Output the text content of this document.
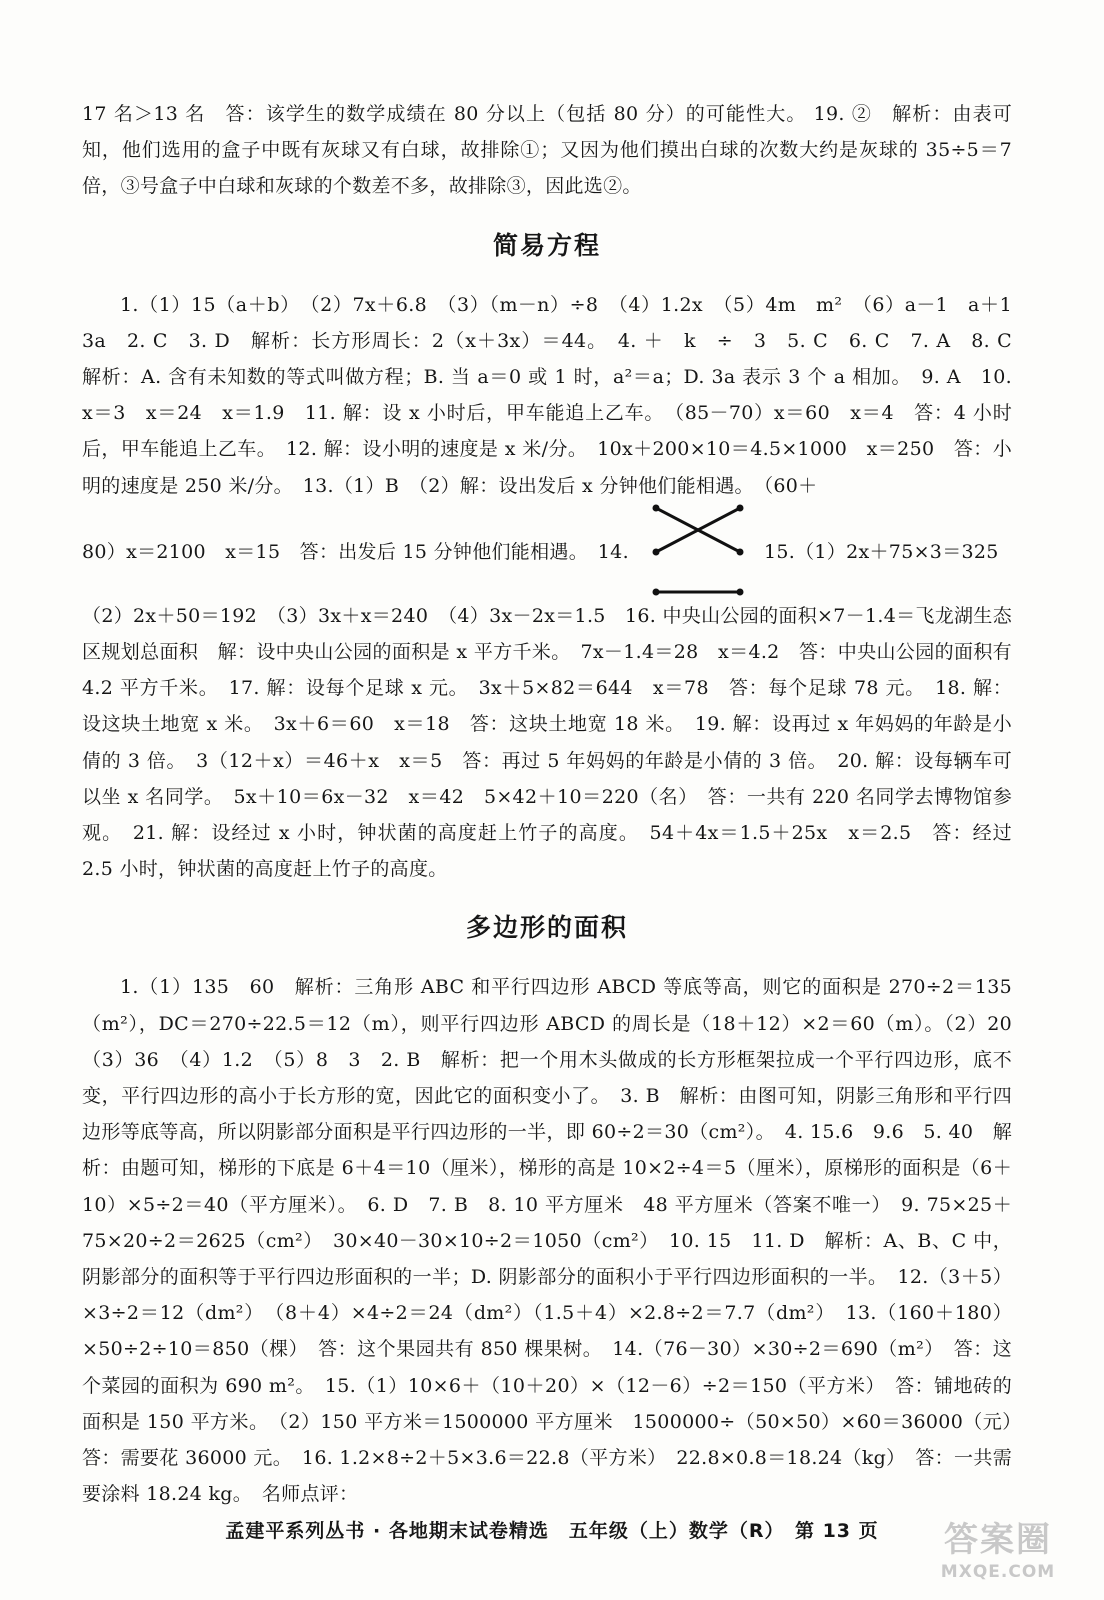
17 名＞13 名　答：该学生的数学成绩在 80 分以上（包括 80 分）的可能性大。 19. ②　解析：由表可知，他们选用的盒子中既有灰球又有白球，故排除①；又因为他们摸出白球的次数大约是灰球的 35÷5＝7 倍，③号盒子中白球和灰球的个数差不多，故排除③，因此选②。

简易方程

1.（1）15（a＋b）　（2）7x＋6.8　（3）（m－n）÷8　（4）1.2x　（5）4m　m²　（6）a－1　a＋1　3a　2. C　3. D　解析：长方形周长：2（x＋3x）＝44。　4. ＋　k　÷　3　5. C　6. C　7. A　8. C　解析：A. 含有未知数的等式叫做方程；B. 当 a＝0 或 1 时，a²＝a；D. 3a 表示 3 个 a 相加。　9. A　10. x＝3　x＝24　x＝1.9　11. 解：设 x 小时后，甲车能追上乙车。　（85－70）x＝60　x＝4　答：4 小时后，甲车能追上乙车。　12. 解：设小明的速度是 x 米/分。　10x＋200×10＝4.5×1000　x＝250　答：小明的速度是 250 米/分。　13.（1）B　（2）解：设出发后 x 分钟他们能相遇。　（60＋

80）x＝2100　x＝15　答：出发后 15 分钟他们能相遇。　14.	15.（1）2x＋75×3＝325

（2）2x＋50＝192　（3）3x＋x＝240　（4）3x－2x＝1.5　16. 中央山公园的面积×7－1.4＝飞龙湖生态区规划总面积　解：设中央山公园的面积是 x 平方千米。　7x－1.4＝28　x＝4.2　答：中央山公园的面积有 4.2 平方千米。　17. 解：设每个足球 x 元。　3x＋5×82＝644　x＝78　答：每个足球 78 元。　18. 解：设这块土地宽 x 米。　3x＋6＝60　x＝18　答：这块土地宽 18 米。　19. 解：设再过 x 年妈妈的年龄是小倩的 3 倍。　3（12＋x）＝46＋x　x＝5　答：再过 5 年妈妈的年龄是小倩的 3 倍。　20. 解：设每辆车可以坐 x 名同学。　5x＋10＝6x－32　x＝42　5×42＋10＝220（名）　答：一共有 220 名同学去博物馆参观。　21. 解：设经过 x 小时，钟状菌的高度赶上竹子的高度。　54＋4x＝1.5＋25x　x＝2.5　答：经过 2.5 小时，钟状菌的高度赶上竹子的高度。

多边形的面积

1.（1）135　60　解析：三角形 ABC 和平行四边形 ABCD 等底等高，则它的面积是 270÷2＝135（m²），DC＝270÷22.5＝12（m），则平行四边形 ABCD 的周长是（18＋12）×2＝60（m）。（2）20　（3）36　（4）1.2　（5）8　3　2. B　解析：把一个用木头做成的长方形框架拉成一个平行四边形，底不变，平行四边形的高小于长方形的宽，因此它的面积变小了。　3. B　解析：由图可知，阴影三角形和平行四边形等底等高，所以阴影部分面积是平行四边形的一半，即 60÷2＝30（cm²）。　4. 15.6　9.6　5. 40　解析：由题可知，梯形的下底是 6＋4＝10（厘米），梯形的高是 10×2÷4＝5（厘米），原梯形的面积是（6＋10）×5÷2＝40（平方厘米）。　6. D　7. B　8. 10 平方厘米　48 平方厘米（答案不唯一）　9. 75×25＋75×20÷2＝2625（cm²）　30×40－30×10÷2＝1050（cm²）　10. 15　11. D　解析：A、B、C 中，阴影部分的面积等于平行四边形面积的一半；D. 阴影部分的面积小于平行四边形面积的一半。　12.（3＋5）×3÷2＝12（dm²）　（8＋4）×4÷2＝24（dm²）（1.5＋4）×2.8÷2＝7.7（dm²）　13.（160＋180）×50÷2÷10＝850（棵）　答：这个果园共有 850 棵果树。　14.（76－30）×30÷2＝690（m²）　答：这个菜园的面积为 690 m²。　15.（1）10×6＋（10＋20）×（12－6）÷2＝150（平方米）　答：铺地砖的面积是 150 平方米。　（2）150 平方米＝1500000 平方厘米　1500000÷（50×50）×60＝36000（元）　答：需要花 36000 元。　16. 1.2×8÷2＋5×3.6＝22.8（平方米）　22.8×0.8＝18.24（kg）　答：一共需要涂料 18.24 kg。　名师点评：

孟建平系列丛书 · 各地期末试卷精选　五年级（上）数学（R）　第 13 页	答案圈
MXQE.COM
